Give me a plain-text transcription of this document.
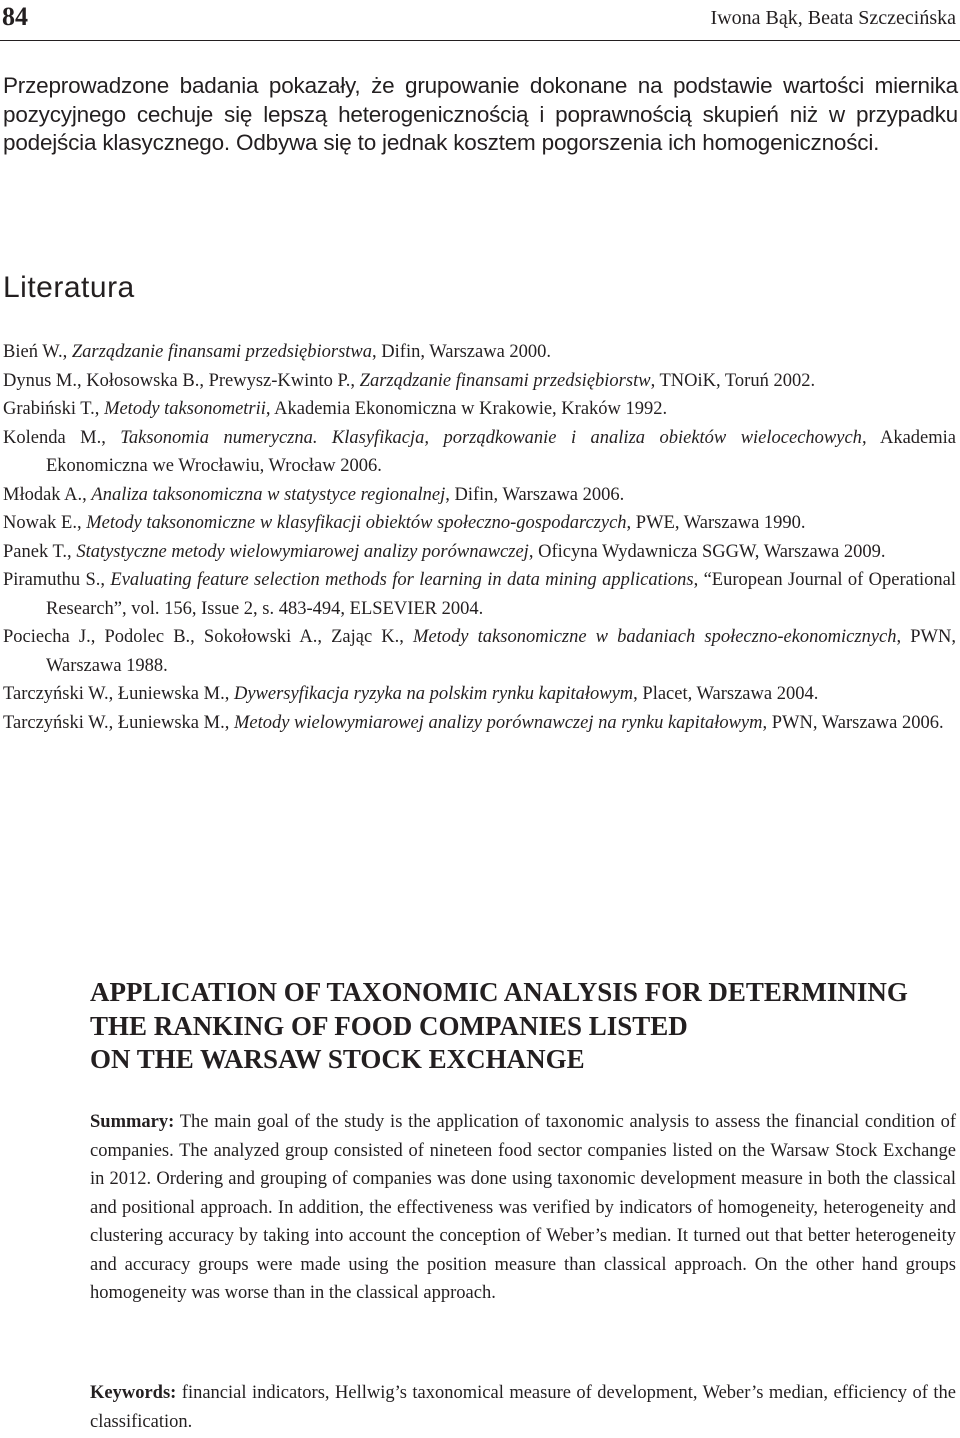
84	Iwona Bąk, Beata Szczecińska

Przeprowadzone badania pokazały, że grupowanie dokonane na podstawie wartości miernika pozycyjnego cechuje się lepszą heterogenicznością i poprawnością skupień niż w przypadku podejścia klasycznego. Odbywa się to jednak kosztem pogorszenia ich homogeniczności.

Literatura
Bień W., Zarządzanie finansami przedsiębiorstwa, Difin, Warszawa 2000.
Dynus M., Kołosowska B., Prewysz-Kwinto P., Zarządzanie finansami przedsiębiorstw, TNOiK, Toruń 2002.
Grabiński T., Metody taksonometrii, Akademia Ekonomiczna w Krakowie, Kraków 1992.
Kolenda M., Taksonomia numeryczna. Klasyfikacja, porządkowanie i analiza obiektów wielocechowych, Akademia Ekonomiczna we Wrocławiu, Wrocław 2006.
Młodak A., Analiza taksonomiczna w statystyce regionalnej, Difin, Warszawa 2006.
Nowak E., Metody taksonomiczne w klasyfikacji obiektów społeczno-gospodarczych, PWE, Warszawa 1990.
Panek T., Statystyczne metody wielowymiarowej analizy porównawczej, Oficyna Wydawnicza SGGW, Warszawa 2009.
Piramuthu S., Evaluating feature selection methods for learning in data mining applications, “European Journal of Operational Research”, vol. 156, Issue 2, s. 483-494, ELSEVIER 2004.
Pociecha J., Podolec B., Sokołowski A., Zając K., Metody taksonomiczne w badaniach społeczno-ekonomicznych, PWN, Warszawa 1988.
Tarczyński W., Łuniewska M., Dywersyfikacja ryzyka na polskim rynku kapitałowym, Placet, Warszawa 2004.
Tarczyński W., Łuniewska M., Metody wielowymiarowej analizy porównawczej na rynku kapitałowym, PWN, Warszawa 2006.
APPLICATION OF TAXONOMIC ANALYSIS FOR DETERMINING
THE RANKING OF FOOD COMPANIES LISTED
ON THE WARSAW STOCK EXCHANGE
Summary: The main goal of the study is the application of taxonomic analysis to assess the financial condition of companies. The analyzed group consisted of nineteen food sector companies listed on the Warsaw Stock Exchange in 2012. Ordering and grouping of companies was done using taxonomic development measure in both the classical and positional approach. In addition, the effectiveness was verified by indicators of homogeneity, heterogeneity and clustering accuracy by taking into account the conception of Weber’s median. It turned out that better heterogeneity and accuracy groups were made using the position measure than classical approach. On the other hand groups homogeneity was worse than in the classical approach.
Keywords: financial indicators, Hellwig’s taxonomical measure of development, Weber’s median, efficiency of the classification.
